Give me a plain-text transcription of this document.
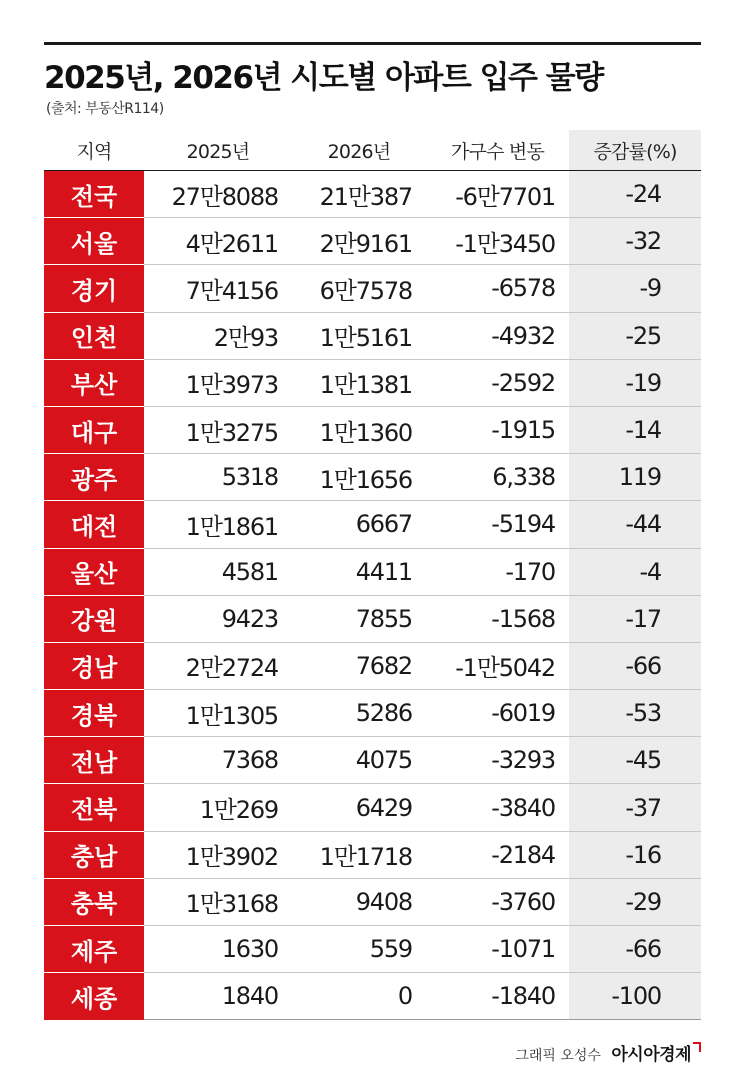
2025년, 2026년 시도별 아파트 입주 물량
(출처: 부동산R114)
지역	2025년	2026년	가구수 변동	증감률(%)
전국	27만8088	21만387	-6만7701	-24
서울	4만2611	2만9161	-1만3450	-32
경기	7만4156	6만7578	-6578	-9
인천	2만93	1만5161	-4932	-25
부산	1만3973	1만1381	-2592	-19
대구	1만3275	1만1360	-1915	-14
광주	5318	1만1656	6,338	119
대전	1만1861	6667	-5194	-44
울산	4581	4411	-170	-4
강원	9423	7855	-1568	-17
경남	2만2724	7682	-1만5042	-66
경북	1만1305	5286	-6019	-53
전남	7368	4075	-3293	-45
전북	1만269	6429	-3840	-37
충남	1만3902	1만1718	-2184	-16
충북	1만3168	9408	-3760	-29
제주	1630	559	-1071	-66
세종	1840	0	-1840	-100
그래픽 오성수 아시아경제
